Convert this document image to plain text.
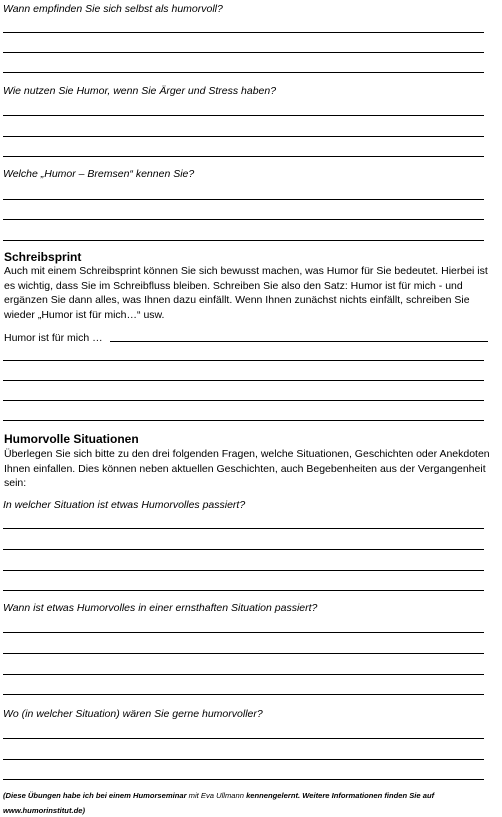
Wann empfinden Sie sich selbst als humorvoll?
Wie nutzen Sie Humor, wenn Sie Ärger und Stress haben?
Welche „Humor – Bremsen“ kennen Sie?
Schreibsprint
Auch mit einem Schreibsprint können Sie sich bewusst machen, was Humor für Sie bedeutet. Hierbei ist es wichtig, dass Sie im Schreibfluss bleiben. Schreiben Sie also den Satz: Humor ist für mich - und ergänzen Sie dann alles, was Ihnen dazu einfällt. Wenn Ihnen zunächst nichts einfällt, schreiben Sie wieder „Humor ist für mich…“ usw.
Humor ist für mich …
Humorvolle Situationen
Überlegen Sie sich bitte zu den drei folgenden Fragen, welche Situationen, Geschichten oder Anekdoten Ihnen einfallen. Dies können neben aktuellen Geschichten, auch Begebenheiten aus der Vergangenheit sein:
In welcher Situation ist etwas Humorvolles passiert?
Wann ist etwas Humorvolles in einer ernsthaften Situation passiert?
Wo (in welcher Situation) wären Sie gerne humorvoller?
(Diese Übungen habe ich bei einem Humorseminar mit Eva Ullmann kennengelernt. Weitere Informationen finden Sie auf
www.humorinstitut.de)
